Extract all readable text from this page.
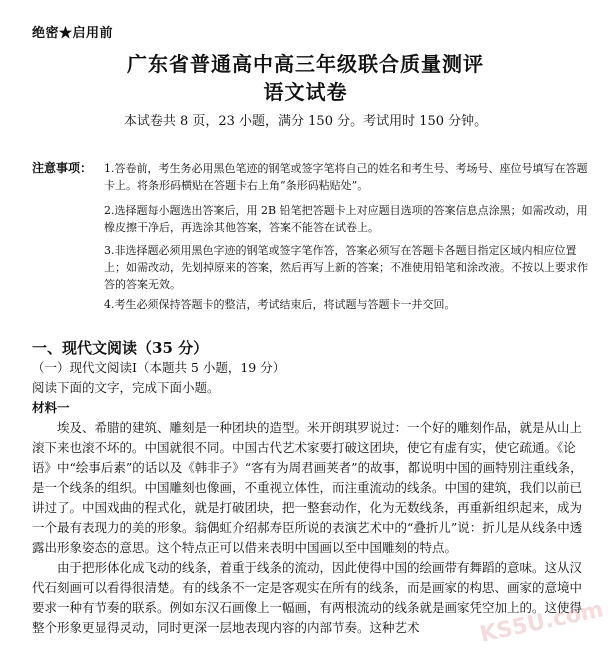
绝密★启用前
广东省普通高中高三年级联合质量测评
语文试卷
本试卷共 8 页，23 小题，满分 150 分。考试用时 150 分钟。
注意事项： 1.答卷前，考生务必用黑色笔迹的钢笔或签字笔将自己的姓名和考生号、考场号、座位号填写在答题卡上。将条形码横贴在答题卡右上角“条形码粘贴处”。
2.选择题每小题选出答案后，用 2B 铅笔把答题卡上对应题目选项的答案信息点涂黑；如需改动，用橡皮擦干净后，再选涂其他答案，答案不能答在试卷上。
3.非选择题必须用黑色字迹的钢笔或签字笔作答，答案必须写在答题卡各题目指定区域内相应位置上；如需改动，先划掉原来的答案，然后再写上新的答案；不准使用铅笔和涂改液。不按以上要求作答的答案无效。
4.考生必须保持答题卡的整洁，考试结束后，将试题与答题卡一并交回。
一、现代文阅读（35 分）
（一）现代文阅读Ⅰ（本题共 5 小题，19 分）
阅读下面的文字，完成下面小题。
材料一

埃及、希腊的建筑、雕刻是一种团块的造型。米开朗琪罗说过：一个好的雕刻作品，就是从山上滚下来也滚不坏的。中国就很不同。中国古代艺术家要打破这团块，使它有虚有实，使它疏通。《论语》中“绘事后素”的话以及《韩非子》“客有为周君画荚者”的故事，都说明中国的画特别注重线条，是一个线条的组织。中国雕刻也像画，不重视立体性，而注重流动的线条。中国的建筑，我们以前已讲过了。中国戏曲的程式化，就是打破团块，把一整套动作，化为无数线条，再重新组织起来，成为一个最有表现力的美的形象。翁偶虹介绍郝寿臣所说的表演艺术中的“叠折儿”说：折儿是从线条中透露出形象姿态的意思。这个特点正可以借来表明中国画以至中国雕刻的特点。

由于把形体化成飞动的线条，着重于线条的流动，因此使得中国的绘画带有舞蹈的意味。这从汉代石刻画可以看得很清楚。有的线条不一定是客观实在所有的线条，而是画家的构思、画家的意境中要求一种有节奏的联系。例如东汉石画像上一幅画，有两根流动的线条就是画家凭空加上的。这使得整个形象更显得灵动，同时更深一层地表现内容的内部节奏。这种艺术	KS5U.com
